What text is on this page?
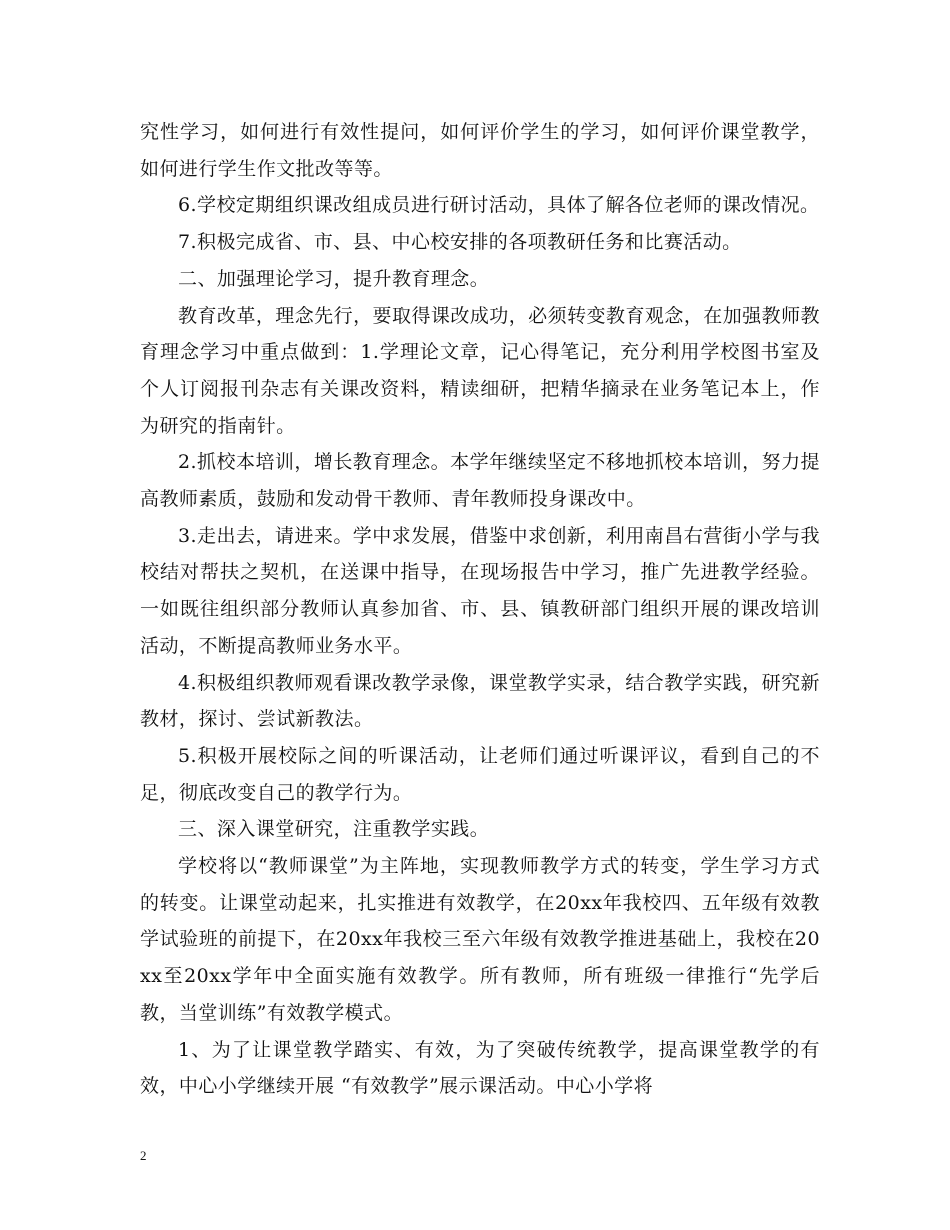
究性学习，如何进行有效性提问，如何评价学生的学习，如何评价课堂教学，如何进行学生作文批改等等。

6.学校定期组织课改组成员进行研讨活动，具体了解各位老师的课改情况。

7.积极完成省、市、县、中心校安排的各项教研任务和比赛活动。

二、加强理论学习，提升教育理念。

教育改革，理念先行，要取得课改成功，必须转变教育观念，在加强教师教育理念学习中重点做到：1.学理论文章，记心得笔记，充分利用学校图书室及个人订阅报刊杂志有关课改资料，精读细研，把精华摘录在业务笔记本上，作为研究的指南针。

2.抓校本培训，增长教育理念。本学年继续坚定不移地抓校本培训，努力提高教师素质，鼓励和发动骨干教师、青年教师投身课改中。

3.走出去，请进来。学中求发展，借鉴中求创新，利用南昌右营街小学与我校结对帮扶之契机，在送课中指导，在现场报告中学习，推广先进教学经验。一如既往组织部分教师认真参加省、市、县、镇教研部门组织开展的课改培训活动，不断提高教师业务水平。

4.积极组织教师观看课改教学录像，课堂教学实录，结合教学实践，研究新教材，探讨、尝试新教法。

5.积极开展校际之间的听课活动，让老师们通过听课评议，看到自己的不足，彻底改变自己的教学行为。

三、深入课堂研究，注重教学实践。

学校将以“教师课堂”为主阵地，实现教师教学方式的转变，学生学习方式的转变。让课堂动起来，扎实推进有效教学，在20xx年我校四、五年级有效教学试验班的前提下，在20xx年我校三至六年级有效教学推进基础上，我校在20xx至20xx学年中全面实施有效教学。所有教师，所有班级一律推行“先学后教，当堂训练”有效教学模式。

1、为了让课堂教学踏实、有效，为了突破传统教学，提高课堂教学的有效，中心小学继续开展 “有效教学”展示课活动。中心小学将

2
